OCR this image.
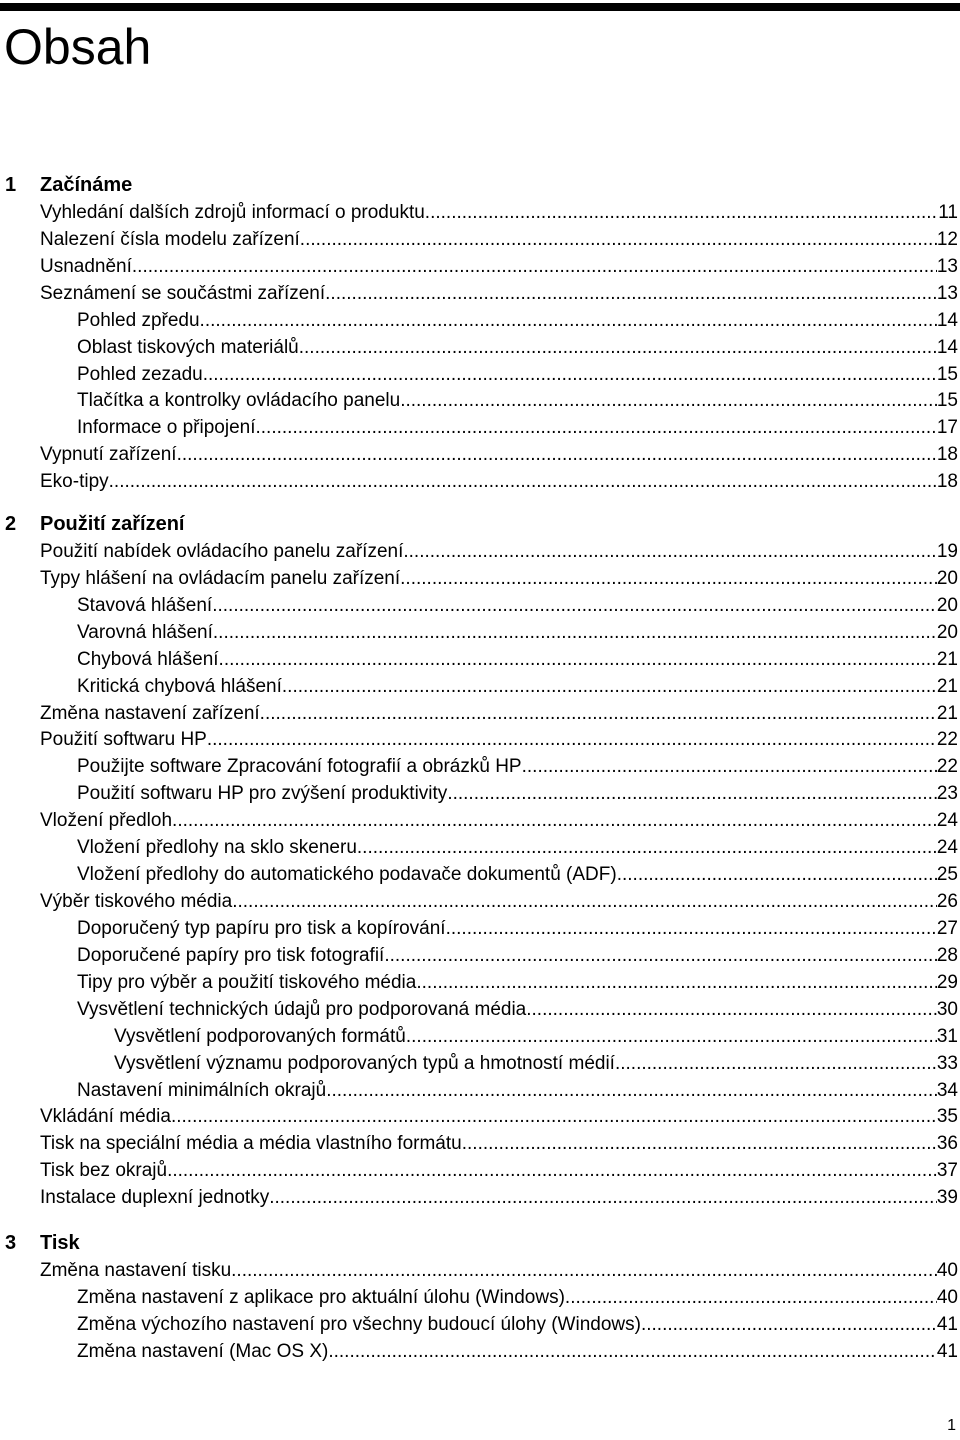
Obsah
1 Začínáme
Vyhledání dalších zdrojů informací o produktu .....	11
Nalezení čísla modelu zařízení .....	12
Usnadnění .....	13
Seznámení se součástmi zařízení .....	13
Pohled zpředu .....	14
Oblast tiskových materiálů .....	14
Pohled zezadu .....	15
Tlačítka a kontrolky ovládacího panelu .....	15
Informace o připojení .....	17
Vypnutí zařízení .....	18
Eko-tipy .....	18
2 Použití zařízení
Použití nabídek ovládacího panelu zařízení .....	19
Typy hlášení na ovládacím panelu zařízení .....	20
Stavová hlášení .....	20
Varovná hlášení .....	20
Chybová hlášení .....	21
Kritická chybová hlášení .....	21
Změna nastavení zařízení .....	21
Použití softwaru HP .....	22
Použijte software Zpracování fotografií a obrázků HP .....	22
Použití softwaru HP pro zvýšení produktivity .....	23
Vložení předloh .....	24
Vložení předlohy na sklo skeneru .....	24
Vložení předlohy do automatického podavače dokumentů (ADF) .....	25
Výběr tiskového média .....	26
Doporučený typ papíru pro tisk a kopírování .....	27
Doporučené papíry pro tisk fotografií .....	28
Tipy pro výběr a použití tiskového média .....	29
Vysvětlení technických údajů pro podporovaná média .....	30
Vysvětlení podporovaných formátů .....	31
Vysvětlení významu podporovaných typů a hmotností médií .....	33
Nastavení minimálních okrajů .....	34
Vkládání média .....	35
Tisk na speciální média a média vlastního formátu .....	36
Tisk bez okrajů .....	37
Instalace duplexní jednotky .....	39
3 Tisk
Změna nastavení tisku .....	40
Změna nastavení z aplikace pro aktuální úlohu (Windows) .....	40
Změna výchozího nastavení pro všechny budoucí úlohy (Windows) .....	41
Změna nastavení (Mac OS X) .....	41
1
